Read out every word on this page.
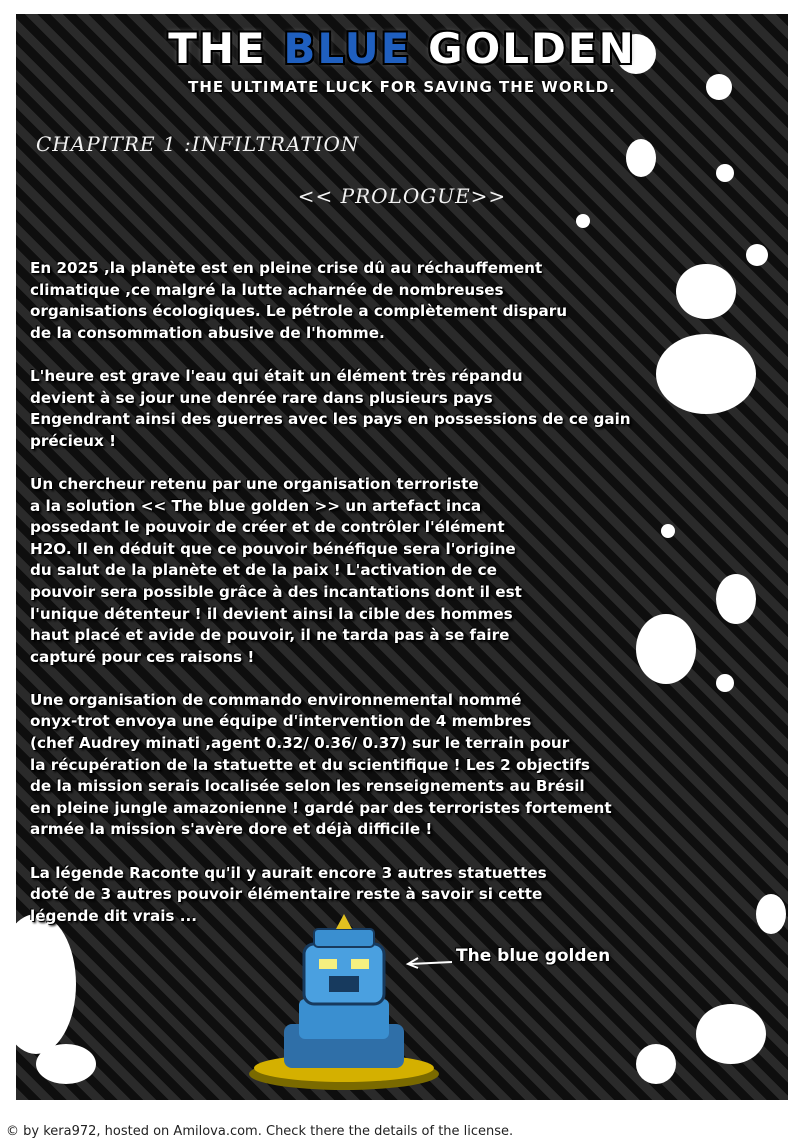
THE BLUE GOLDEN
THE ULTIMATE LUCK FOR SAVING THE WORLD.
CHAPITRE 1 :INFILTRATION
<< PROLOGUE>>

En 2025 ,la planète est en pleine crise dû au réchauffement
climatique ,ce malgré la lutte acharnée de nombreuses
organisations écologiques. Le pétrole a complètement disparu
de la consommation abusive de l'homme.

L'heure est grave l'eau qui était un élément très répandu
devient à se jour une denrée rare dans plusieurs pays
Engendrant ainsi des guerres avec les pays en possessions de ce gain
précieux !

Un chercheur retenu par une organisation terroriste
a la solution << The blue golden >> un artefact inca
possedant le pouvoir de créer et de contrôler l'élément
H2O. Il en déduit que ce pouvoir bénéfique sera l'origine
du salut de la planète et de la paix ! L'activation de ce
pouvoir sera possible grâce à des incantations dont il est
l'unique détenteur ! il devient ainsi la cible des hommes
haut placé et avide de pouvoir, il ne tarda pas à se faire
capturé pour ces raisons !

Une organisation de commando environnemental nommé
onyx-trot envoya une équipe d'intervention de 4 membres
(chef Audrey minati ,agent 0.32/ 0.36/ 0.37) sur le terrain pour
la récupération de la statuette et du scientifique ! Les 2 objectifs
de la mission serais localisée selon les renseignements au Brésil
en pleine jungle amazonienne ! gardé par des terroristes fortement
armée la mission s'avère dore et déjà difficile !

La légende Raconte qu'il y aurait encore 3 autres statuettes
doté de 3 autres pouvoir élémentaire reste à savoir si cette
légende dit vrais ...

The blue golden
© by kera972, hosted on Amilova.com. Check there the details of the license.
